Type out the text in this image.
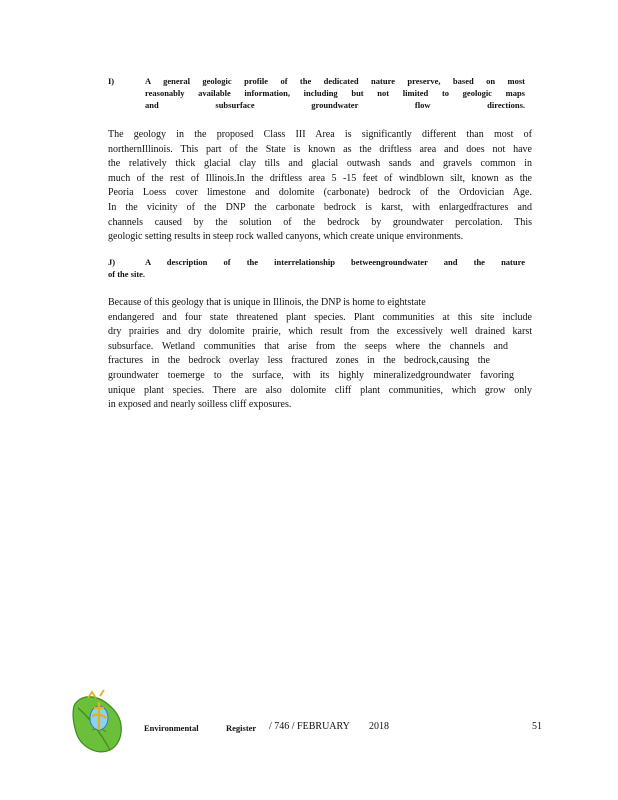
I)	A general geologic profile of the dedicated nature preserve, based on most
reasonably available information, including but not limited to geologic maps
and subsurface groundwater flow directions.
The geology in the proposed Class III Area is significantly different than most of
northernIllinois. This part of the State is known as the driftless area and does not have
the relatively thick glacial clay tills and glacial outwash sands and gravels common in
much of the rest of Illinois.In the driftless area 5 -15 feet of windblown silt, known as the
Peoria Loess cover limestone and dolomite (carbonate) bedrock of the Ordovician Age.
In the vicinity of the DNP the carbonate bedrock is karst, with enlargedfractures and
channels caused by the solution of the bedrock by groundwater percolation. This
geologic setting results in steep rock walled canyons, which create unique environments.
J)	A description of the interrelationship betweengroundwater and the nature
of the site.
Because of this geology that is unique in Illinois, the DNP is home to eightstate
endangered and four state threatened plant species. Plant communities at this site include
dry prairies and dry dolomite prairie, which result from the excessively well drained karst
subsurface. Wetland communities that arise from the seeps where the channels and
fractures in the bedrock overlay less fractured zones in the bedrock,causing the
groundwater toemerge to the surface, with its highly mineralizedgroundwater favoring
unique plant species. There are also dolomite cliff plant communities, which grow only
in exposed and nearly soilless cliff exposures.
Environmental	Register / 746 / FEBRUARY 2018	51
